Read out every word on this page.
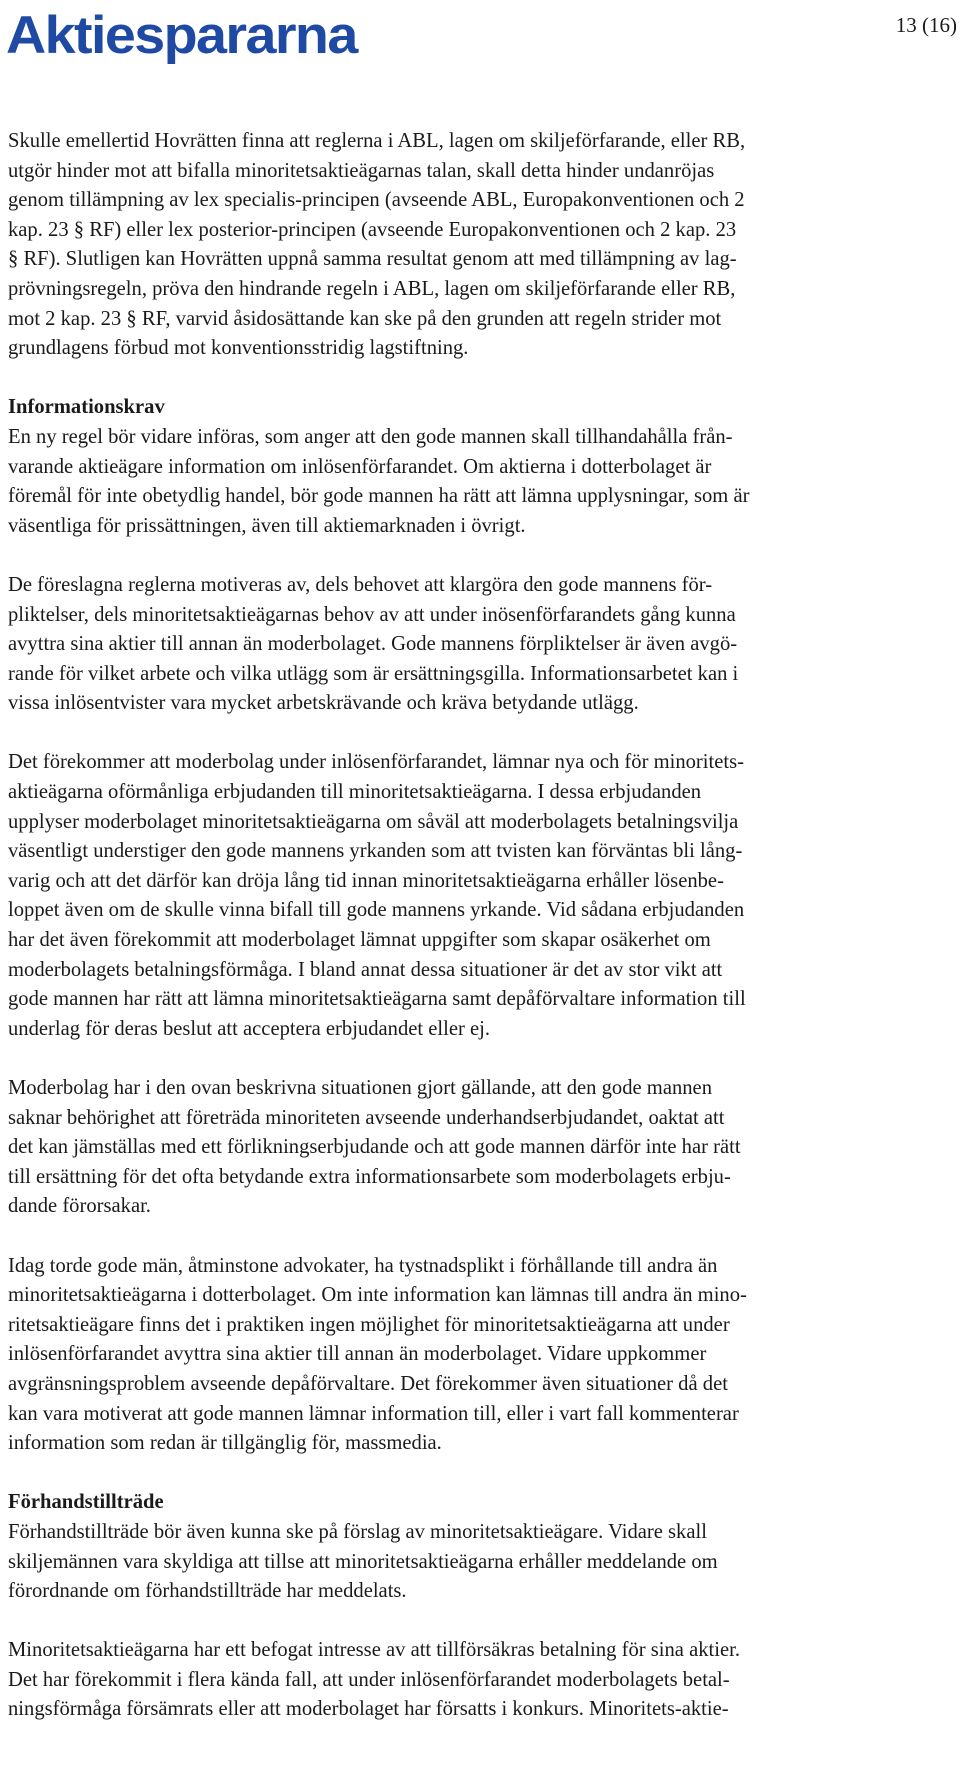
Aktiespararna	13 (16)

Skulle emellertid Hovrätten finna att reglerna i ABL, lagen om skiljeförfarande, eller RB,
utgör hinder mot att bifalla minoritetsaktieägarnas talan, skall detta hinder undanröjas
genom tillämpning av lex specialis-principen (avseende ABL, Europakonventionen och 2
kap. 23 § RF) eller lex posterior-principen (avseende Europakonventionen och 2 kap. 23
§ RF). Slutligen kan Hovrätten uppnå samma resultat genom att med tillämpning av lag-
prövningsregeln, pröva den hindrande regeln i ABL, lagen om skiljeförfarande eller RB,
mot 2 kap. 23 § RF, varvid åsidosättande kan ske på den grunden att regeln strider mot
grundlagens förbud mot konventionsstridig lagstiftning.

Informationskrav

En ny regel bör vidare införas, som anger att den gode mannen skall tillhandahålla från-
varande aktieägare information om inlösenförfarandet. Om aktierna i dotterbolaget är
föremål för inte obetydlig handel, bör gode mannen ha rätt att lämna upplysningar, som är
väsentliga för prissättningen, även till aktiemarknaden i övrigt.

De föreslagna reglerna motiveras av, dels behovet att klargöra den gode mannens för-
pliktelser, dels minoritetsaktieägarnas behov av att under inösenförfarandets gång kunna
avyttra sina aktier till annan än moderbolaget. Gode mannens förpliktelser är även avgö-
rande för vilket arbete och vilka utlägg som är ersättningsgilla. Informationsarbetet kan i
vissa inlösentvister vara mycket arbetskrävande och kräva betydande utlägg.

Det förekommer att moderbolag under inlösenförfarandet, lämnar nya och för minoritets-
aktieägarna oförmånliga erbjudanden till minoritetsaktieägarna. I dessa erbjudanden
upplyser moderbolaget minoritetsaktieägarna om såväl att moderbolagets betalningsvilja
väsentligt understiger den gode mannens yrkanden som att tvisten kan förväntas bli lång-
varig och att det därför kan dröja lång tid innan minoritetsaktieägarna erhåller lösenbe-
loppet även om de skulle vinna bifall till gode mannens yrkande. Vid sådana erbjudanden
har det även förekommit att moderbolaget lämnat uppgifter som skapar osäkerhet om
moderbolagets betalningsförmåga. I bland annat dessa situationer är det av stor vikt att
gode mannen har rätt att lämna minoritetsaktieägarna samt depåförvaltare information till
underlag för deras beslut att acceptera erbjudandet eller ej.

Moderbolag har i den ovan beskrivna situationen gjort gällande, att den gode mannen
saknar behörighet att företräda minoriteten avseende underhandserbjudandet, oaktat att
det kan jämställas med ett förlikningserbjudande och att gode mannen därför inte har rätt
till ersättning för det ofta betydande extra informationsarbete som moderbolagets erbju-
dande förorsakar.

Idag torde gode män, åtminstone advokater, ha tystnadsplikt i förhållande till andra än
minoritetsaktieägarna i dotterbolaget. Om inte information kan lämnas till andra än mino-
ritetsaktieägare finns det i praktiken ingen möjlighet för minoritetsaktieägarna att under
inlösenförfarandet avyttra sina aktier till annan än moderbolaget. Vidare uppkommer
avgränsningsproblem avseende depåförvaltare. Det förekommer även situationer då det
kan vara motiverat att gode mannen lämnar information till, eller i vart fall kommenterar
information som redan är tillgänglig för, massmedia.

Förhandstillträde

Förhandstillträde bör även kunna ske på förslag av minoritetsaktieägare. Vidare skall
skiljemännen vara skyldiga att tillse att minoritetsaktieägarna erhåller meddelande om
förordnande om förhandstillträde har meddelats.

Minoritetsaktieägarna har ett befogat intresse av att tillförsäkras betalning för sina aktier.
Det har förekommit i flera kända fall, att under inlösenförfarandet moderbolagets betal-
ningsförmåga försämrats eller att moderbolaget har försatts i konkurs. Minoritets-aktie-
